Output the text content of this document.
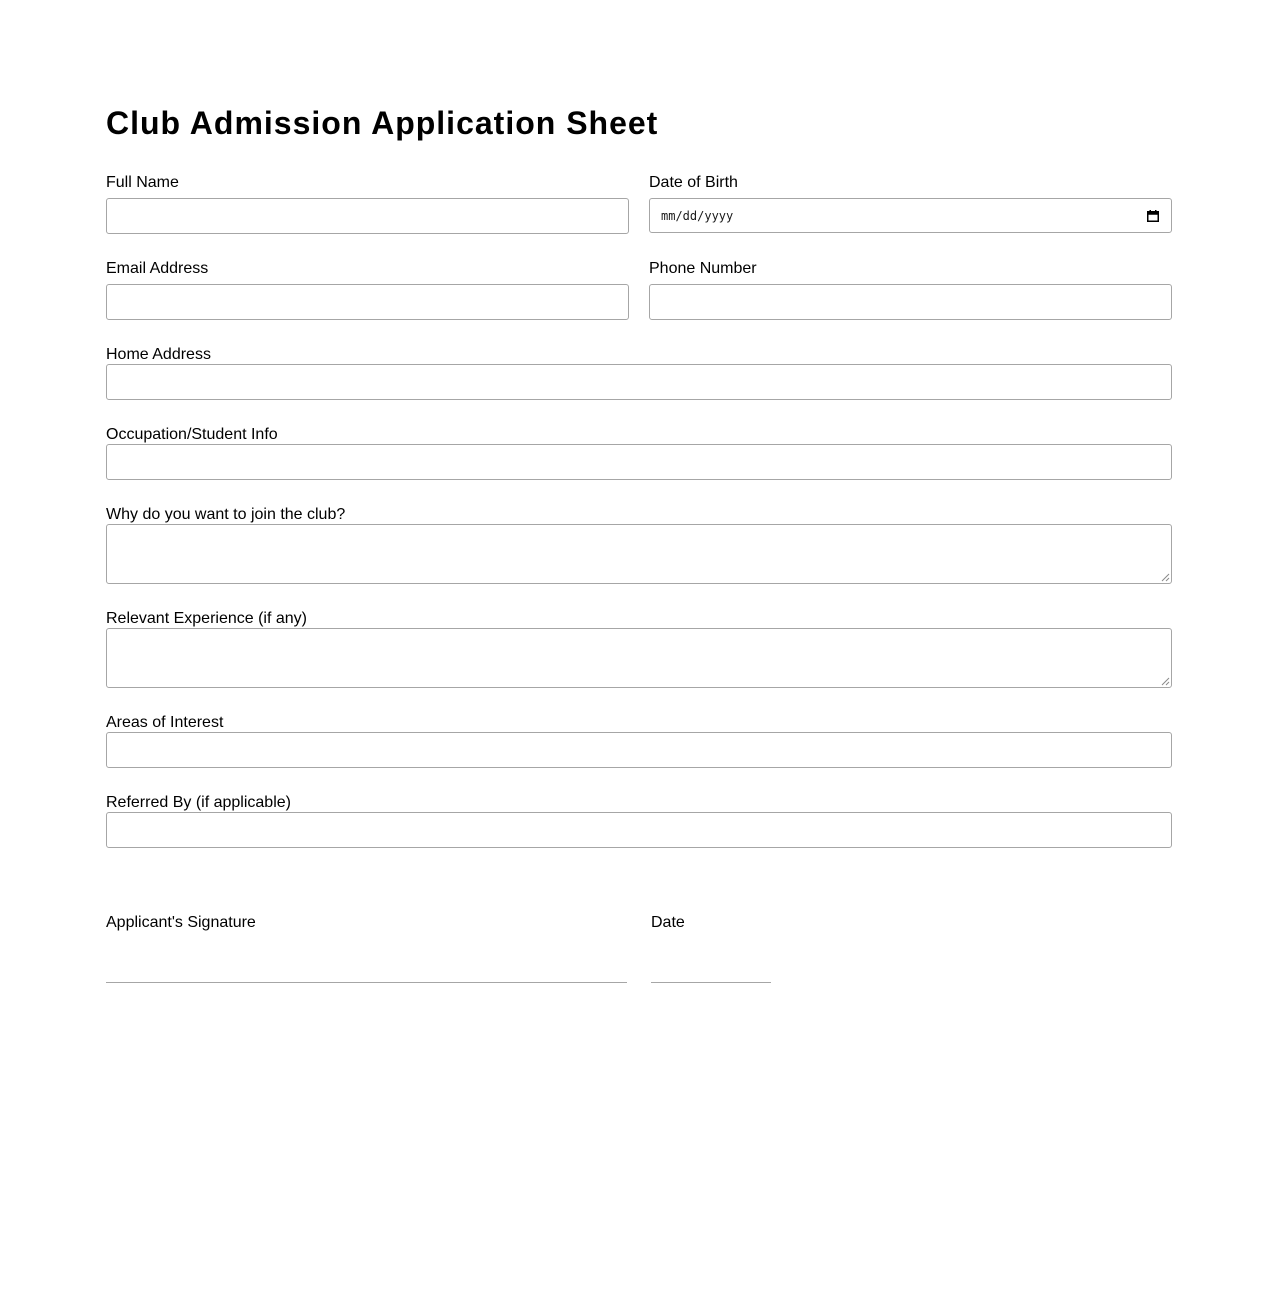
Club Admission Application Sheet
Full Name	Date of Birth
mm/dd/yyyy
Email Address	Phone Number
Home Address
Occupation/Student Info
Why do you want to join the club?
Relevant Experience (if any)
Areas of Interest
Referred By (if applicable)
Applicant's Signature	Date
